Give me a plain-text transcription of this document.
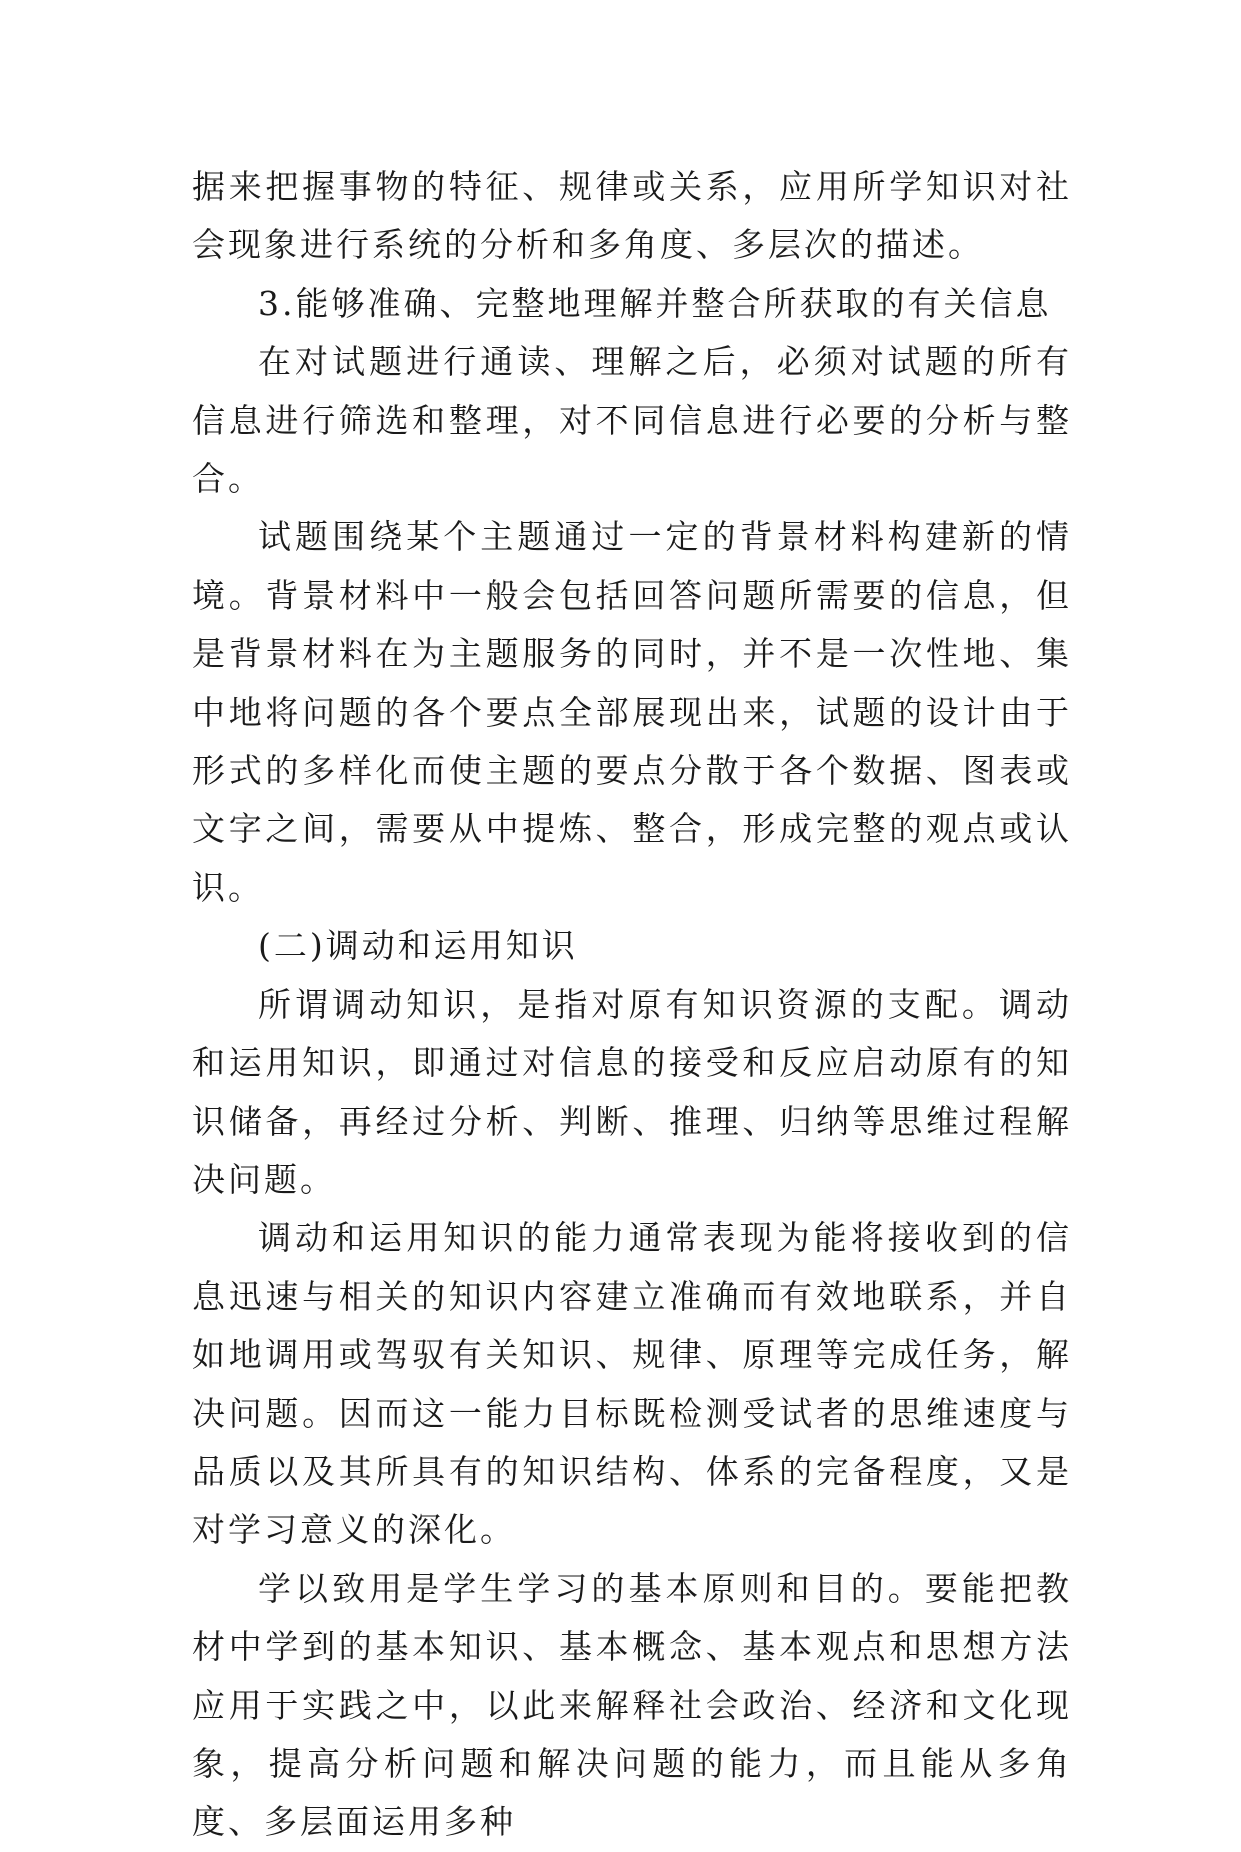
据来把握事物的特征、规律或关系，应用所学知识对社会现象进行系统的分析和多角度、多层次的描述。

3.能够准确、完整地理解并整合所获取的有关信息

在对试题进行通读、理解之后，必须对试题的所有信息进行筛选和整理，对不同信息进行必要的分析与整合。

试题围绕某个主题通过一定的背景材料构建新的情境。背景材料中一般会包括回答问题所需要的信息，但是背景材料在为主题服务的同时，并不是一次性地、集中地将问题的各个要点全部展现出来，试题的设计由于形式的多样化而使主题的要点分散于各个数据、图表或文字之间，需要从中提炼、整合，形成完整的观点或认识。

(二)调动和运用知识

所谓调动知识，是指对原有知识资源的支配。调动和运用知识，即通过对信息的接受和反应启动原有的知识储备，再经过分析、判断、推理、归纳等思维过程解决问题。

调动和运用知识的能力通常表现为能将接收到的信息迅速与相关的知识内容建立准确而有效地联系，并自如地调用或驾驭有关知识、规律、原理等完成任务，解决问题。因而这一能力目标既检测受试者的思维速度与品质以及其所具有的知识结构、体系的完备程度，又是对学习意义的深化。

学以致用是学生学习的基本原则和目的。要能把教材中学到的基本知识、基本概念、基本观点和思想方法应用于实践之中，以此来解释社会政治、经济和文化现象，提高分析问题和解决问题的能力，而且能从多角度、多层面运用多种
